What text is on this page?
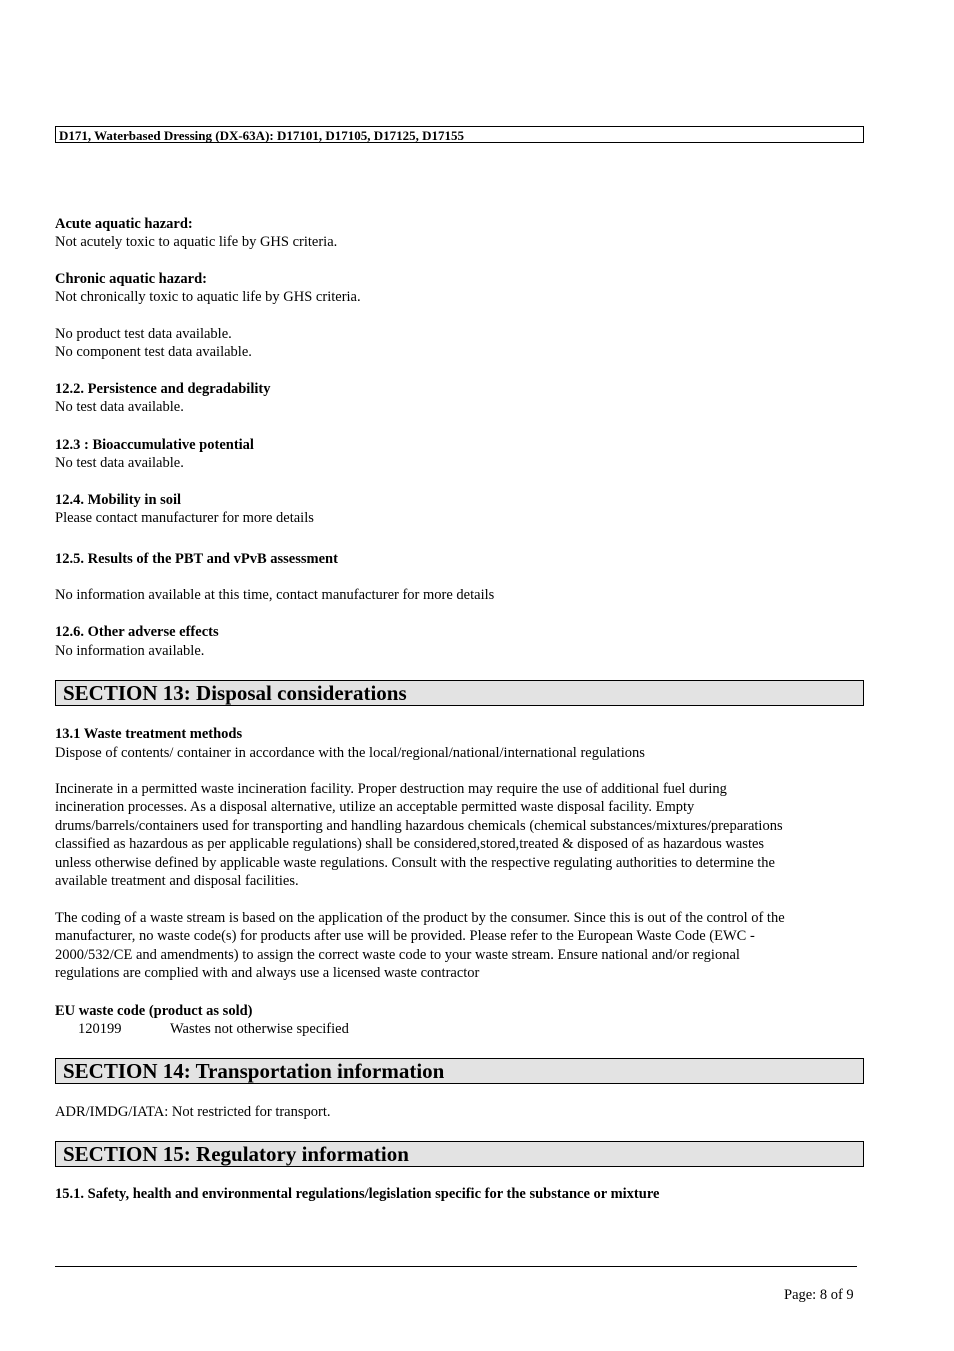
D171, Waterbased Dressing (DX-63A): D17101, D17105, D17125, D17155
Acute aquatic hazard:
Not acutely toxic to aquatic life by GHS criteria.
Chronic aquatic hazard:
Not chronically toxic to aquatic life by GHS criteria.
No product test data available.
No component test data available.
12.2. Persistence and degradability
No test data available.
12.3 : Bioaccumulative potential
No test data available.
12.4. Mobility in soil
Please contact manufacturer for more details
12.5. Results of the PBT and vPvB assessment
No information available at this time, contact manufacturer for more details
12.6. Other adverse effects
No information available.
SECTION 13: Disposal considerations
13.1 Waste treatment methods
Dispose of contents/ container in accordance with the local/regional/national/international regulations
Incinerate in a permitted waste incineration facility. Proper destruction may require the use of additional fuel during
incineration processes. As a disposal alternative, utilize an acceptable permitted waste disposal facility. Empty
drums/barrels/containers used for transporting and handling hazardous chemicals (chemical substances/mixtures/preparations
classified as hazardous as per applicable regulations) shall be considered,stored,treated & disposed of as hazardous wastes
unless otherwise defined by applicable waste regulations. Consult with the respective regulating authorities to determine the
available treatment and disposal facilities.
The coding of a waste stream is based on the application of the product by the consumer. Since this is out of the control of the
manufacturer, no waste code(s) for products after use will be provided. Please refer to the European Waste Code (EWC -
2000/532/CE and amendments) to assign the correct waste code to your waste stream. Ensure national and/or regional
regulations are complied with and always use a licensed waste contractor
EU waste code (product as sold)
120199	Wastes not otherwise specified
SECTION 14: Transportation information
ADR/IMDG/IATA: Not restricted for transport.
SECTION 15: Regulatory information
15.1. Safety, health and environmental regulations/legislation specific for the substance or mixture
Page: 8 of 9
